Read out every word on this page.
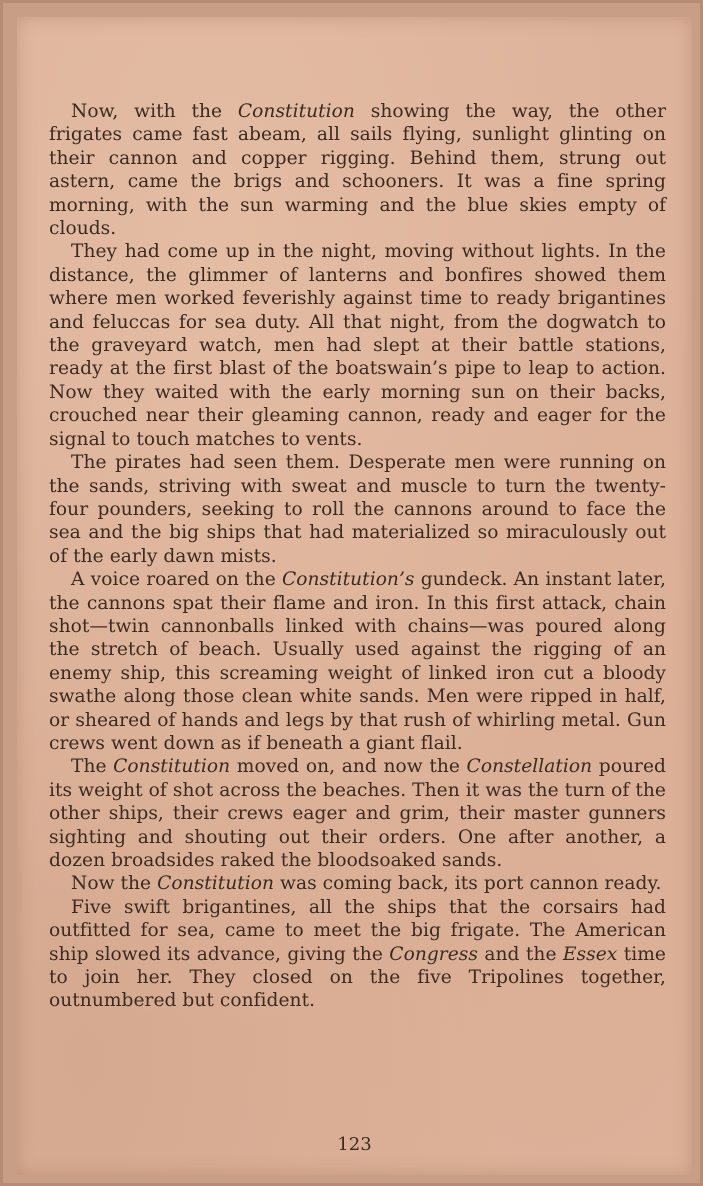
Now, with the Constitution showing the way, the other frigates came fast abeam, all sails flying, sunlight glinting on their cannon and copper rigging. Behind them, strung out astern, came the brigs and schooners. It was a fine spring morning, with the sun warming and the blue skies empty of clouds.

They had come up in the night, moving without lights. In the distance, the glimmer of lanterns and bonfires showed them where men worked feverishly against time to ready brigantines and feluccas for sea duty. All that night, from the dogwatch to the graveyard watch, men had slept at their battle stations, ready at the first blast of the boatswain’s pipe to leap to action. Now they waited with the early morning sun on their backs, crouched near their gleaming cannon, ready and eager for the signal to touch matches to vents.

The pirates had seen them. Desperate men were running on the sands, striving with sweat and muscle to turn the twenty-four pounders, seeking to roll the cannons around to face the sea and the big ships that had materialized so miraculously out of the early dawn mists.

A voice roared on the Constitution’s gundeck. An instant later, the cannons spat their flame and iron. In this first attack, chain shot—twin cannonballs linked with chains—was poured along the stretch of beach. Usually used against the rigging of an enemy ship, this screaming weight of linked iron cut a bloody swathe along those clean white sands. Men were ripped in half, or sheared of hands and legs by that rush of whirling metal. Gun crews went down as if beneath a giant flail.

The Constitution moved on, and now the Constellation poured its weight of shot across the beaches. Then it was the turn of the other ships, their crews eager and grim, their master gunners sighting and shouting out their orders. One after another, a dozen broadsides raked the bloodsoaked sands.

Now the Constitution was coming back, its port cannon ready.

Five swift brigantines, all the ships that the corsairs had outfitted for sea, came to meet the big frigate. The American ship slowed its advance, giving the Congress and the Essex time to join her. They closed on the five Tripolines together, outnumbered but confident.

123
